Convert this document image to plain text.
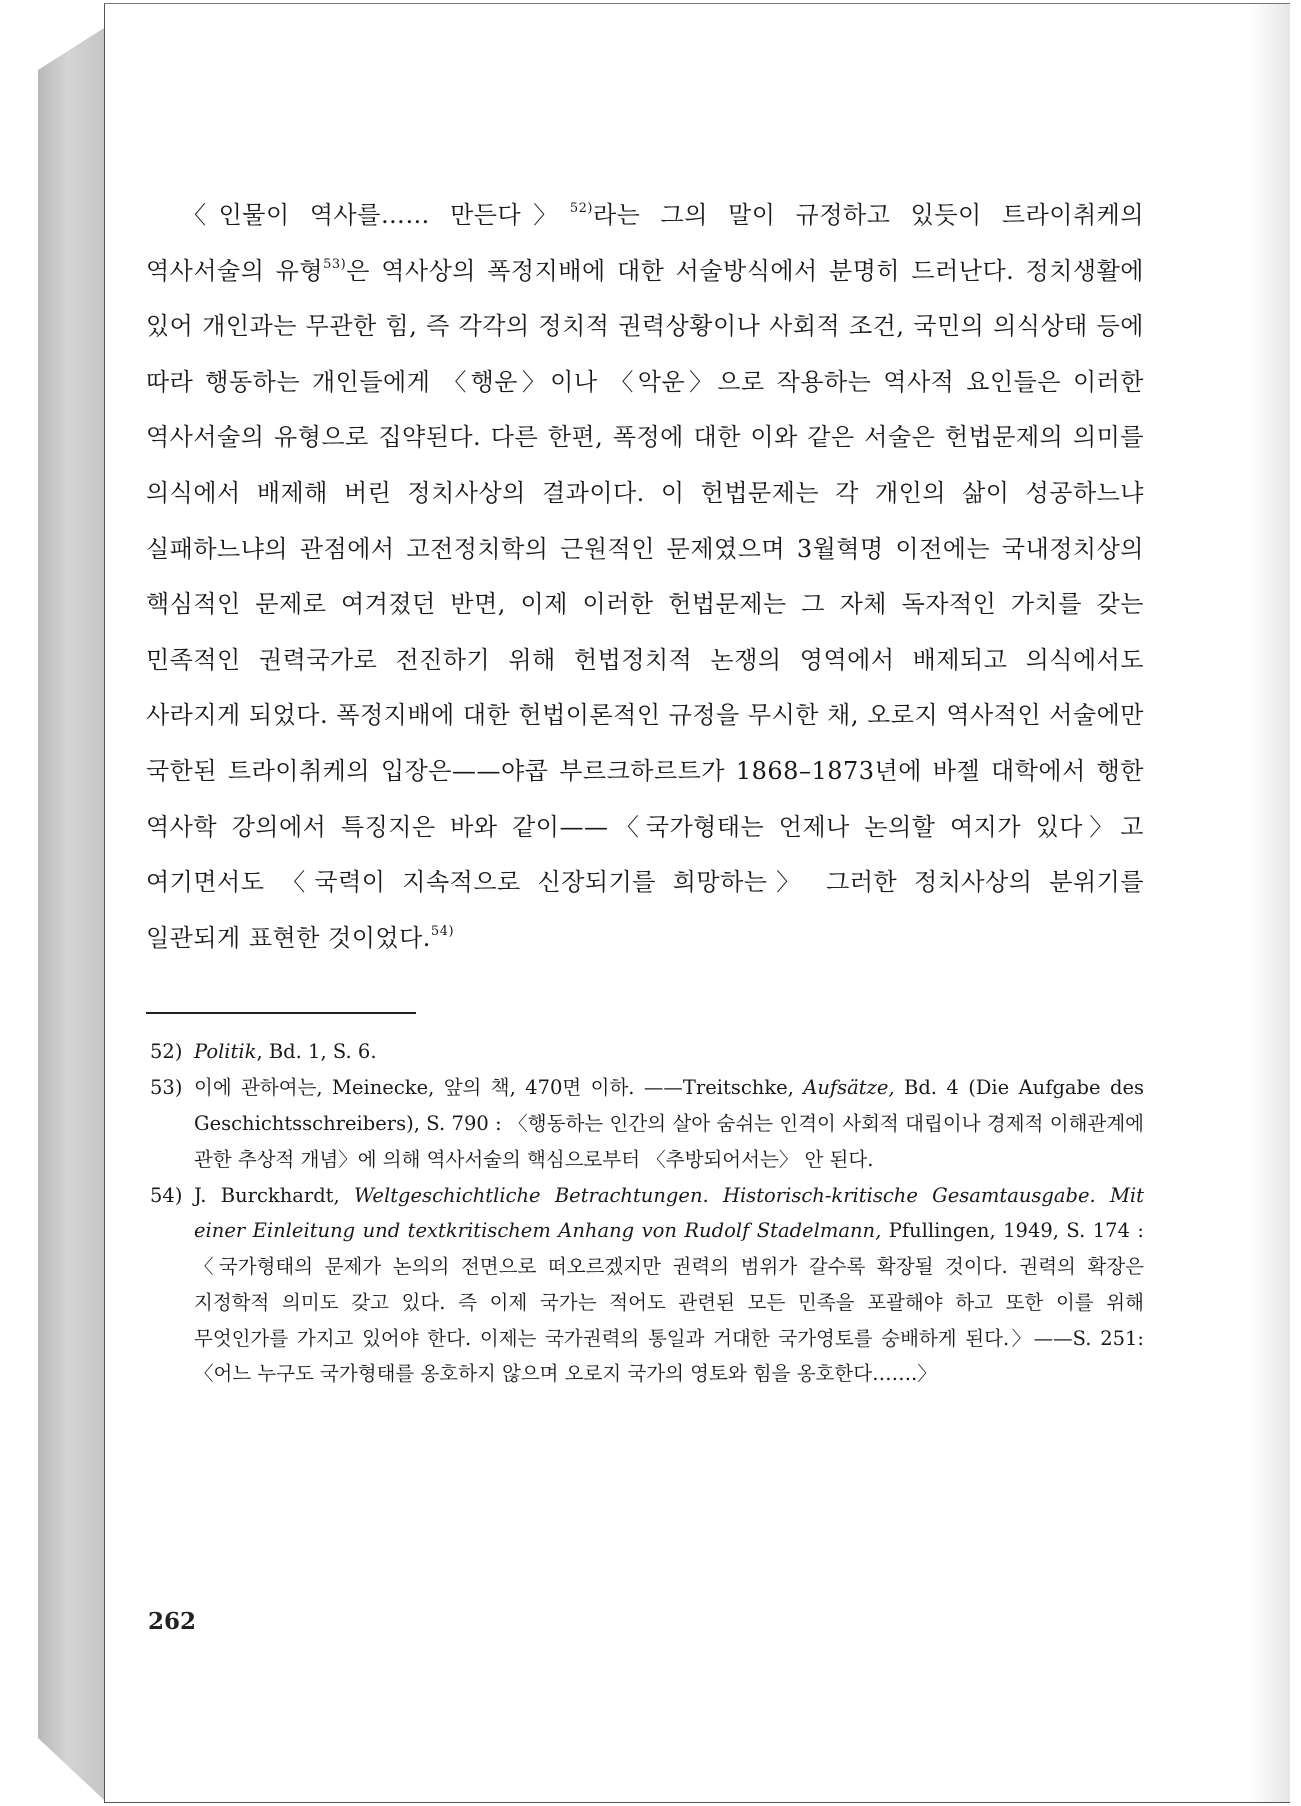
〈인물이 역사를…… 만든다〉$^{52)}$라는 그의 말이 규정하고 있듯이 트라이취케의 역사서술의 유형$^{53)}$은 역사상의 폭정지배에 대한 서술방식에서 분명히 드러난다. 정치생활에 있어 개인과는 무관한 힘, 즉 각각의 정치적 권력상황이나 사회적 조건, 국민의 의식상태 등에 따라 행동하는 개인들에게 〈행운〉이나 〈악운〉으로 작용하는 역사적 요인들은 이러한 역사서술의 유형으로 집약된다. 다른 한편, 폭정에 대한 이와 같은 서술은 헌법문제의 의미를 의식에서 배제해 버린 정치사상의 결과이다. 이 헌법문제는 각 개인의 삶이 성공하느냐 실패하느냐의 관점에서 고전정치학의 근원적인 문제였으며 3월혁명 이전에는 국내정치상의 핵심적인 문제로 여겨졌던 반면, 이제 이러한 헌법문제는 그 자체 독자적인 가치를 갖는 민족적인 권력국가로 전진하기 위해 헌법정치적 논쟁의 영역에서 배제되고 의식에서도 사라지게 되었다. 폭정지배에 대한 헌법이론적인 규정을 무시한 채, 오로지 역사적인 서술에만 국한된 트라이취케의 입장은——야콥 부르크하르트가 1868–1873년에 바젤 대학에서 행한 역사학 강의에서 특징지은 바와 같이——〈국가형태는 언제나 논의할 여지가 있다〉고 여기면서도 〈국력이 지속적으로 신장되기를 희망하는〉 그러한 정치사상의 분위기를 일관되게 표현한 것이었다.$^{54)}$

52) Politik, Bd. 1, S. 6.
53) 이에 관하여는, Meinecke, 앞의 책, 470면 이하. ——Treitschke, Aufsätze, Bd. 4 (Die Aufgabe des Geschichtsschreibers), S. 790 : 〈행동하는 인간의 살아 숨쉬는 인격이 사회적 대립이나 경제적 이해관계에 관한 추상적 개념〉에 의해 역사서술의 핵심으로부터 〈추방되어서는〉 안 된다.
54) J. Burckhardt, Weltgeschichtliche Betrachtungen. Historisch-kritische Gesamtausgabe. Mit einer Einleitung und textkritischem Anhang von Rudolf Stadelmann, Pfullingen, 1949, S. 174 : 〈국가형태의 문제가 논의의 전면으로 떠오르겠지만 권력의 범위가 갈수록 확장될 것이다. 권력의 확장은 지정학적 의미도 갖고 있다. 즉 이제 국가는 적어도 관련된 모든 민족을 포괄해야 하고 또한 이를 위해 무엇인가를 가지고 있어야 한다. 이제는 국가권력의 통일과 거대한 국가영토를 숭배하게 된다.〉——S. 251: 〈어느 누구도 국가형태를 옹호하지 않으며 오로지 국가의 영토와 힘을 옹호한다…….〉
262
